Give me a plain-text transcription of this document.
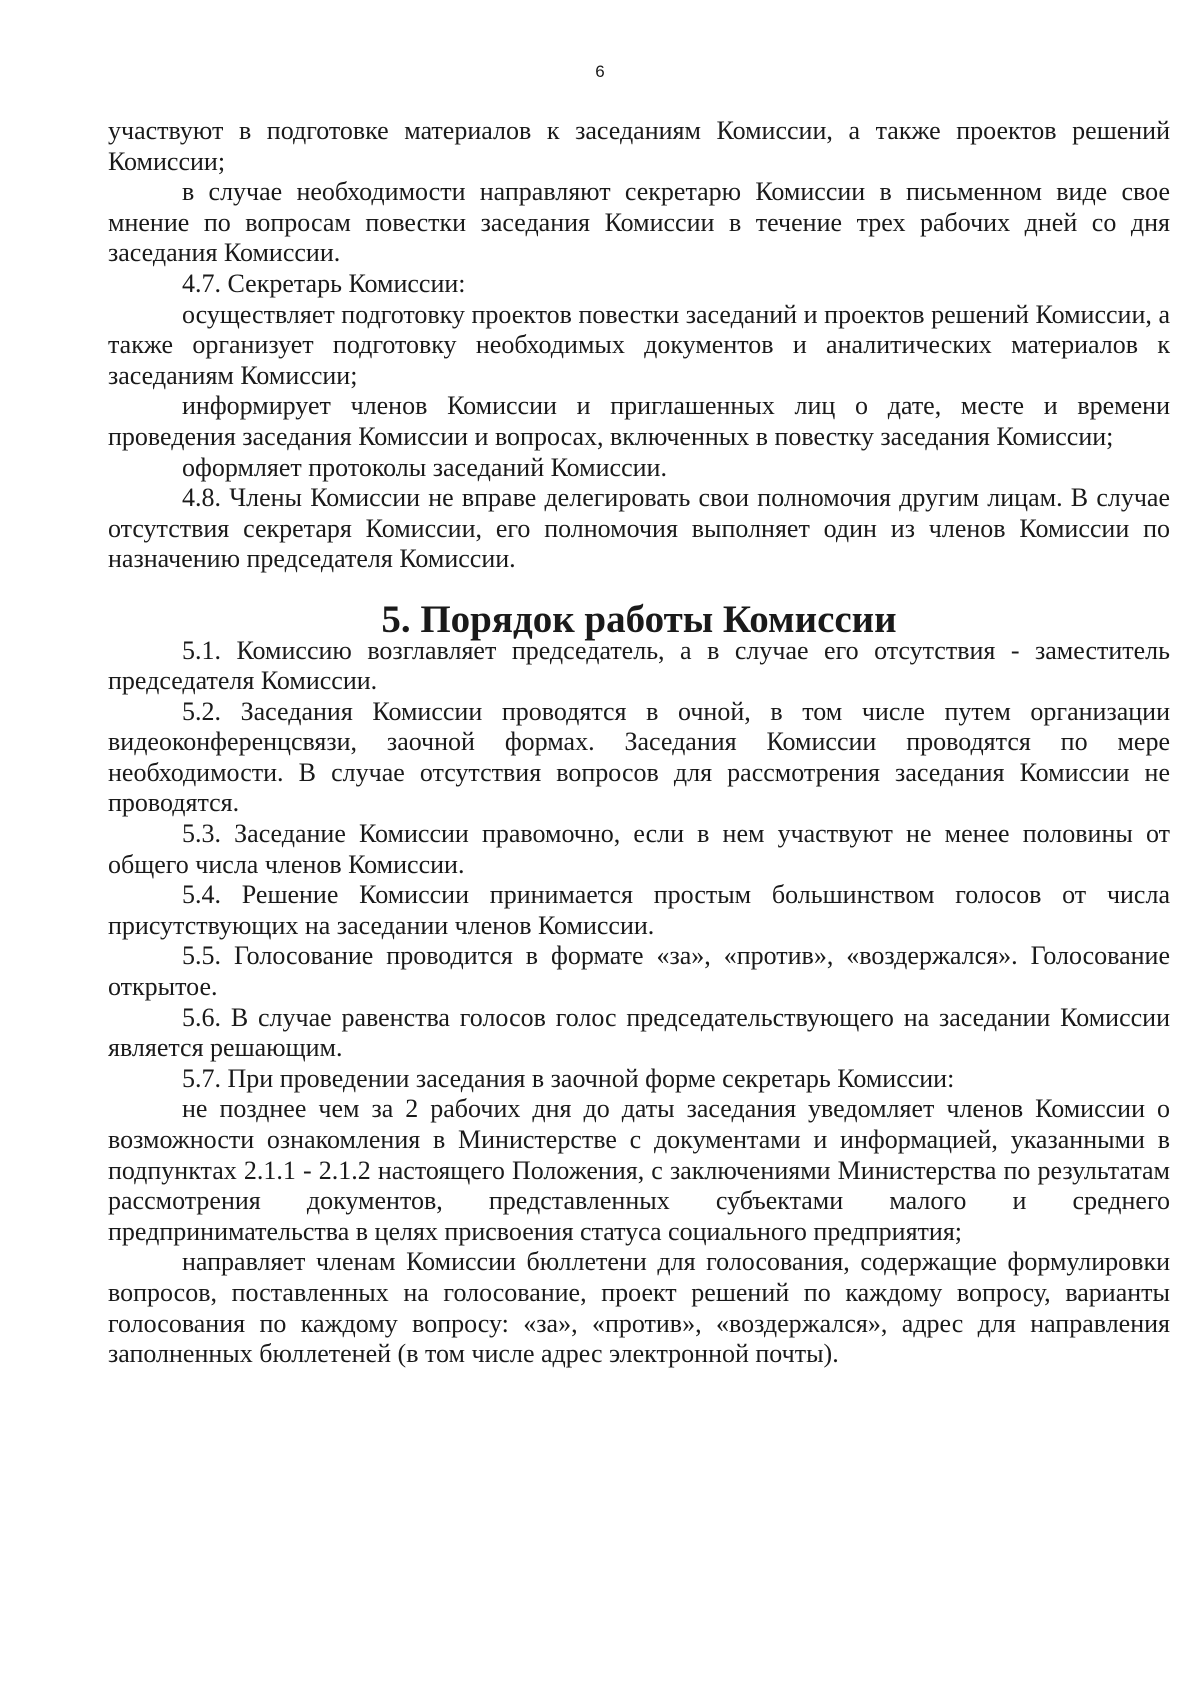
6

участвуют в подготовке материалов к заседаниям Комиссии, а также проектов решений Комиссии;

в случае необходимости направляют секретарю Комиссии в письменном виде свое мнение по вопросам повестки заседания Комиссии в течение трех рабочих дней со дня заседания Комиссии.

4.7. Секретарь Комиссии:

осуществляет подготовку проектов повестки заседаний и проектов решений Комиссии, а также организует подготовку необходимых документов и аналитических материалов к заседаниям Комиссии;

информирует членов Комиссии и приглашенных лиц о дате, месте и времени проведения заседания Комиссии и вопросах, включенных в повестку заседания Комиссии;

оформляет протоколы заседаний Комиссии.

4.8. Члены Комиссии не вправе делегировать свои полномочия другим лицам. В случае отсутствия секретаря Комиссии, его полномочия выполняет один из членов Комиссии по назначению председателя Комиссии.

5. Порядок работы Комиссии

5.1. Комиссию возглавляет председатель, а в случае его отсутствия - заместитель председателя Комиссии.

5.2. Заседания Комиссии проводятся в очной, в том числе путем организации видеоконференцсвязи, заочной формах. Заседания Комиссии проводятся по мере необходимости. В случае отсутствия вопросов для рассмотрения заседания Комиссии не проводятся.

5.3. Заседание Комиссии правомочно, если в нем участвуют не менее половины от общего числа членов Комиссии.

5.4. Решение Комиссии принимается простым большинством голосов от числа присутствующих на заседании членов Комиссии.

5.5. Голосование проводится в формате «за», «против», «воздержался». Голосование открытое.

5.6. В случае равенства голосов голос председательствующего на заседании Комиссии является решающим.

5.7. При проведении заседания в заочной форме секретарь Комиссии:

не позднее чем за 2 рабочих дня до даты заседания уведомляет членов Комиссии о возможности ознакомления в Министерстве с документами и информацией, указанными в подпунктах 2.1.1 - 2.1.2 настоящего Положения, с заключениями Министерства по результатам рассмотрения документов, представленных субъектами малого и среднего предпринимательства в целях присвоения статуса социального предприятия;

направляет членам Комиссии бюллетени для голосования, содержащие формулировки вопросов, поставленных на голосование, проект решений по каждому вопросу, варианты голосования по каждому вопросу: «за», «против», «воздержался», адрес для направления заполненных бюллетеней (в том числе адрес электронной почты).
